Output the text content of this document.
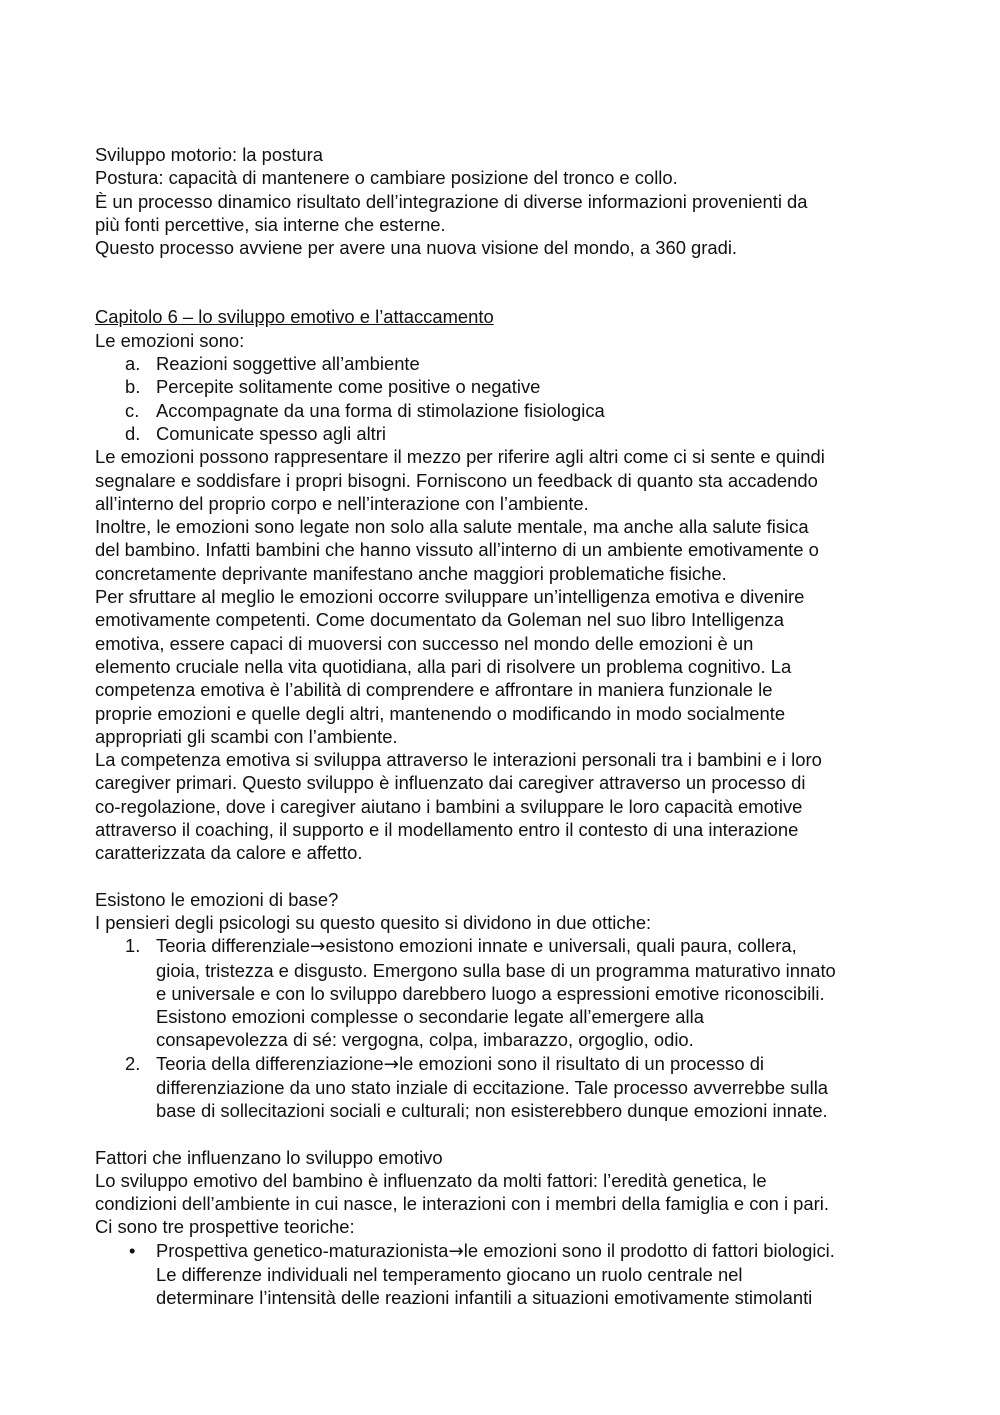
Sviluppo motorio: la postura

Postura: capacità di mantenere o cambiare posizione del tronco e collo.

È un processo dinamico risultato dell’integrazione di diverse informazioni provenienti da

più fonti percettive, sia interne che esterne.

Questo processo avviene per avere una nuova visione del mondo, a 360 gradi.

Capitolo 6 – lo sviluppo emotivo e l’attaccamento

Le emozioni sono:

a. Reazioni soggettive all’ambiente
b. Percepite solitamente come positive o negative
c. Accompagnate da una forma di stimolazione fisiologica
d. Comunicate spesso agli altri

Le emozioni possono rappresentare il mezzo per riferire agli altri come ci si sente e quindi

segnalare e soddisfare i propri bisogni. Forniscono un feedback di quanto sta accadendo

all’interno del proprio corpo e nell’interazione con l’ambiente.

Inoltre, le emozioni sono legate non solo alla salute mentale, ma anche alla salute fisica

del bambino. Infatti bambini che hanno vissuto all’interno di un ambiente emotivamente o

concretamente deprivante manifestano anche maggiori problematiche fisiche.

Per sfruttare al meglio le emozioni occorre sviluppare un’intelligenza emotiva e divenire

emotivamente competenti. Come documentato da Goleman nel suo libro Intelligenza

emotiva, essere capaci di muoversi con successo nel mondo delle emozioni è un

elemento cruciale nella vita quotidiana, alla pari di risolvere un problema cognitivo. La

competenza emotiva è l’abilità di comprendere e affrontare in maniera funzionale le

proprie emozioni e quelle degli altri, mantenendo o modificando in modo socialmente

appropriati gli scambi con l’ambiente.

La competenza emotiva si sviluppa attraverso le interazioni personali tra i bambini e i loro

caregiver primari. Questo sviluppo è influenzato dai caregiver attraverso un processo di

co-regolazione, dove i caregiver aiutano i bambini a sviluppare le loro capacità emotive

attraverso il coaching, il supporto e il modellamento entro il contesto di una interazione

caratterizzata da calore e affetto.

Esistono le emozioni di base?

I pensieri degli psicologi su questo quesito si dividono in due ottiche:

1. Teoria differenziale→esistono emozioni innate e universali, quali paura, collera,
gioia, tristezza e disgusto. Emergono sulla base di un programma maturativo innato
e universale e con lo sviluppo darebbero luogo a espressioni emotive riconoscibili.
Esistono emozioni complesse o secondarie legate all’emergere alla
consapevolezza di sé: vergogna, colpa, imbarazzo, orgoglio, odio.
2. Teoria della differenziazione→le emozioni sono il risultato di un processo di
differenziazione da uno stato inziale di eccitazione. Tale processo avverrebbe sulla
base di sollecitazioni sociali e culturali; non esisterebbero dunque emozioni innate.

Fattori che influenzano lo sviluppo emotivo

Lo sviluppo emotivo del bambino è influenzato da molti fattori: l’eredità genetica, le

condizioni dell’ambiente in cui nasce, le interazioni con i membri della famiglia e con i pari.

Ci sono tre prospettive teoriche:

• Prospettiva genetico-maturazionista→le emozioni sono il prodotto di fattori biologici.
Le differenze individuali nel temperamento giocano un ruolo centrale nel
determinare l’intensità delle reazioni infantili a situazioni emotivamente stimolanti
